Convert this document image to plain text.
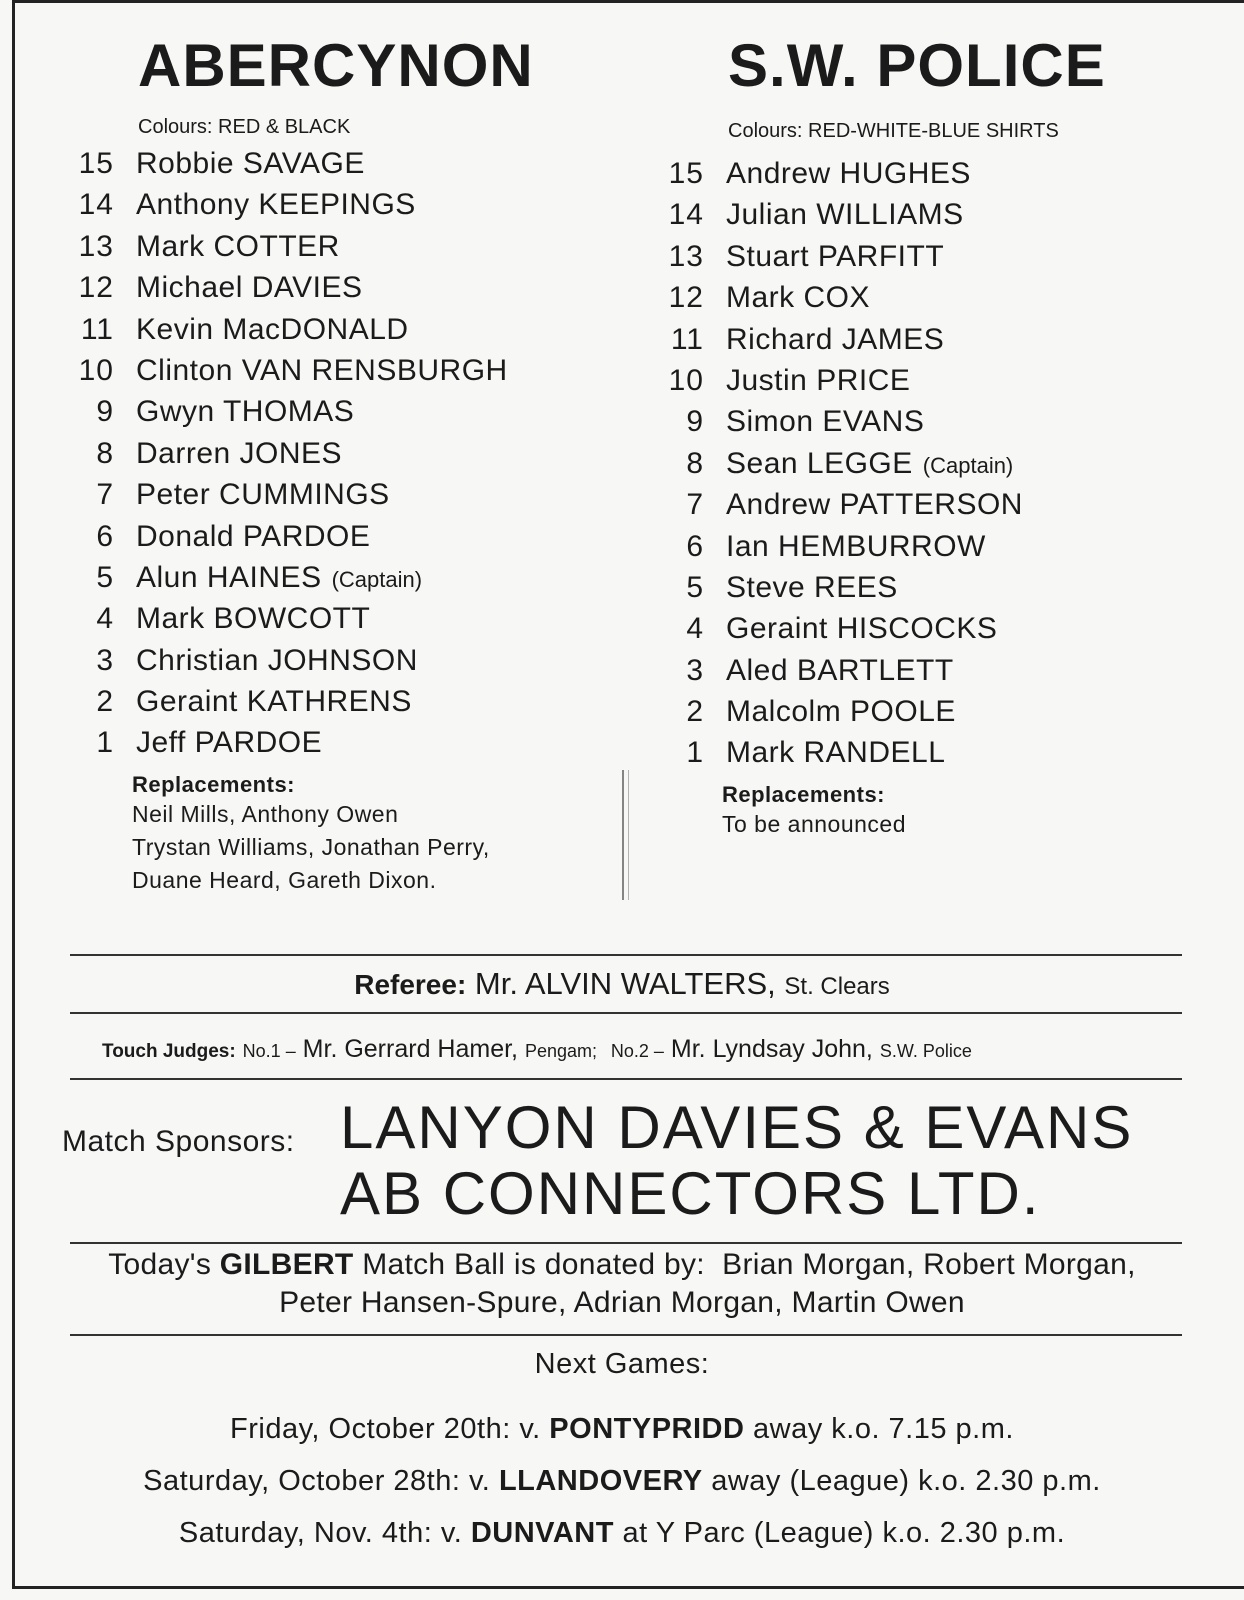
ABERCYNON
Colours: RED & BLACK
15 Robbie SAVAGE
14 Anthony KEEPINGS
13 Mark COTTER
12 Michael DAVIES
11 Kevin MacDONALD
10 Clinton VAN RENSBURGH
9 Gwyn THOMAS
8 Darren JONES
7 Peter CUMMINGS
6 Donald PARDOE
5 Alun HAINES (Captain)
4 Mark BOWCOTT
3 Christian JOHNSON
2 Geraint KATHRENS
1 Jeff PARDOE
Replacements:
Neil Mills, Anthony Owen
Trystan Williams, Jonathan Perry,
Duane Heard, Gareth Dixon.
S.W. POLICE
Colours: RED-WHITE-BLUE SHIRTS
15 Andrew HUGHES
14 Julian WILLIAMS
13 Stuart PARFITT
12 Mark COX
11 Richard JAMES
10 Justin PRICE
9 Simon EVANS
8 Sean LEGGE (Captain)
7 Andrew PATTERSON
6 Ian HEMBURROW
5 Steve REES
4 Geraint HISCOCKS
3 Aled BARTLETT
2 Malcolm POOLE
1 Mark RANDELL
Replacements:
To be announced
Referee: Mr. ALVIN WALTERS, St. Clears
Touch Judges: No.1 – Mr. Gerrard Hamer, Pengam; No.2 – Mr. Lyndsay John, S.W. Police
Match Sponsors: LANYON DAVIES & EVANS
AB CONNECTORS LTD.
Today's GILBERT Match Ball is donated by: Brian Morgan, Robert Morgan,
Peter Hansen-Spure, Adrian Morgan, Martin Owen
Next Games:
Friday, October 20th: v. PONTYPRIDD away k.o. 7.15 p.m.
Saturday, October 28th: v. LLANDOVERY away (League) k.o. 2.30 p.m.
Saturday, Nov. 4th: v. DUNVANT at Y Parc (League) k.o. 2.30 p.m.
